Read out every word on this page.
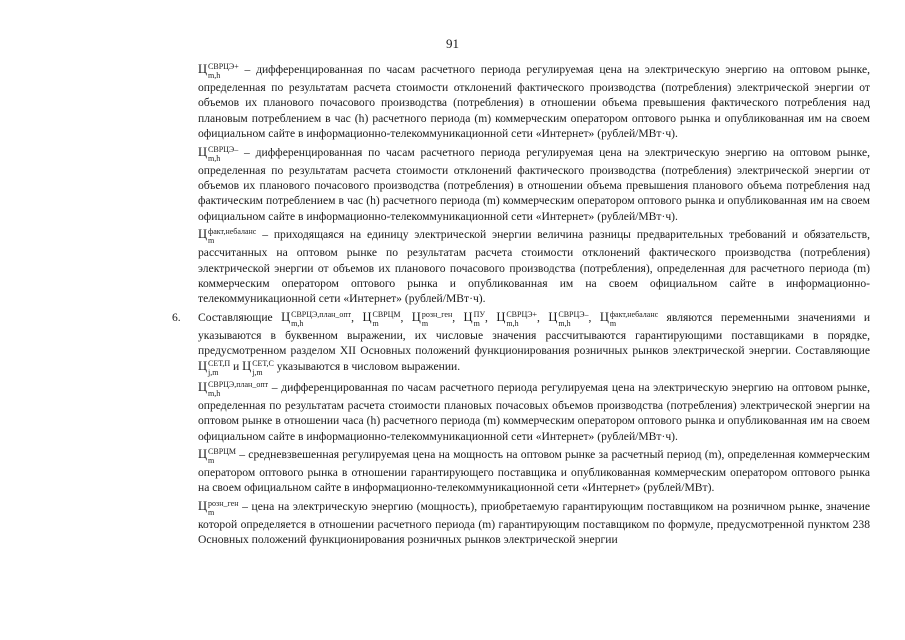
91

Ц СВРЦЭ+
m,h	– дифференцированная по часам расчетного периода регулируемая цена на электрическую энергию на оптовом рынке, определенная по результатам расчета стоимости отклонений фактического производства (потребления) электрической энергии от объемов их планового почасового производства (потребления) в отношении объема превышения фактического потребления над плановым потреблением в час (h) расчетного периода (m) коммерческим оператором оптового рынка и опубликованная им на своем официальном сайте в информационно-телекоммуникационной сети «Интернет» (рублей/МВт·ч).

Ц СВРЦЭ–
m,h	– дифференцированная по часам расчетного периода регулируемая цена на электрическую энергию на оптовом рынке, определенная по результатам расчета стоимости отклонений фактического производства (потребления) электрической энергии от объемов их планового почасового производства (потребления) в отношении объема превышения планового объема потребления над фактическим потреблением в час (h) расчетного периода (m) коммерческим оператором оптового рынка и опубликованная им на своем официальном сайте в информационно-телекоммуникационной сети «Интернет» (рублей/МВт·ч).

Ц факт,небаланс
m	– приходящаяся на единицу электрической энергии величина разницы предварительных требований и обязательств, рассчитанных на оптовом рынке по результатам расчета стоимости отклонений фактического производства (потребления) электрической энергии от объемов их планового почасового производства (потребления), определенная для расчетного периода (m) коммерческим оператором оптового рынка и опубликованная им на своем официальном сайте в информационно-телекоммуникационной сети «Интернет» (рублей/МВт·ч).

6. Составляющие Ц СВРЦЭ,план_опт
m,h	, Ц СВРЦМ
m	, Ц розн_ген
m	, Ц ПУ
m , Ц СВРЦЭ+
m,h	, Ц СВРЦЭ–
m,h	, Ц факт,небаланс
m	являются переменными значениями и указываются в буквенном выражении, их числовые значения рассчитываются гарантирующими поставщиками в порядке, предусмотренном разделом XII Основных положений функционирования розничных рынков электрической энергии. Составляющие Ц СЕТ,П
j,m	и Ц СЕТ,С
j,m	указываются в числовом выражении.

Ц СВРЦЭ,план_опт
m,h	– дифференцированная по часам расчетного периода регулируемая цена на электрическую энергию на оптовом рынке, определенная по результатам расчета стоимости плановых почасовых объемов производства (потребления) электрической энергии на оптовом рынке в отношении часа (h) расчетного периода (m) коммерческим оператором оптового рынка и опубликованная им на своем официальном сайте в информационно-телекоммуникационной сети «Интернет» (рублей/МВт·ч).

Ц СВРЦМ
m	– средневзвешенная регулируемая цена на мощность на оптовом рынке за расчетный период (m), определенная коммерческим оператором оптового рынка в отношении гарантирующего поставщика и опубликованная коммерческим оператором оптового рынка на своем официальном сайте в информационно-телекоммуникационной сети «Интернет» (рублей/МВт).

Ц розн_ген
m	– цена на электрическую энергию (мощность), приобретаемую гарантирующим поставщиком на розничном рынке, значение которой определяется в отношении расчетного периода (m) гарантирующим поставщиком по формуле, предусмотренной пунктом 238 Основных положений функционирования розничных рынков электрической энергии
